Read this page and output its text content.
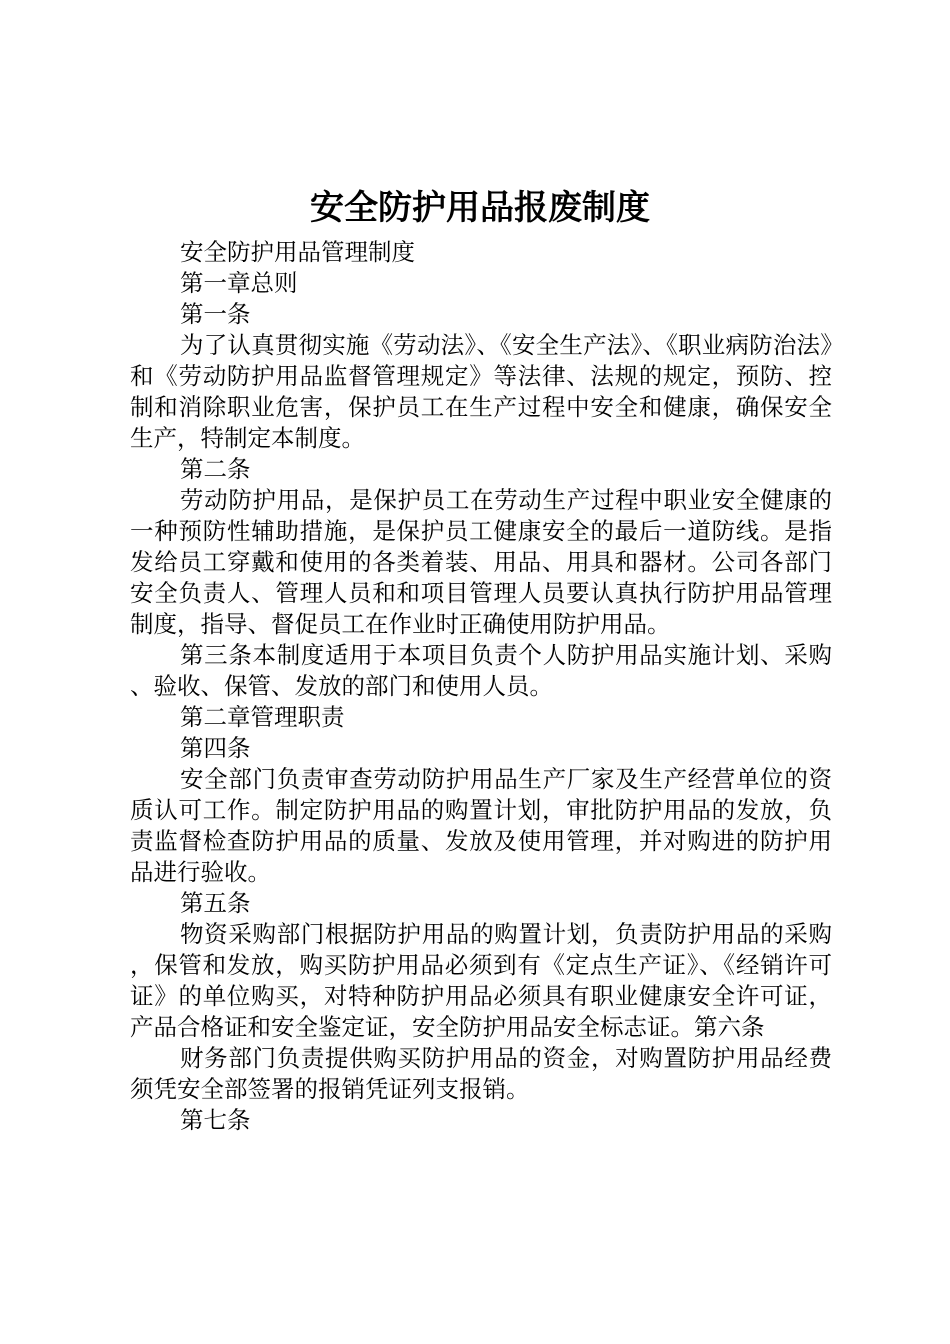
安全防护用品报废制度

安全防护用品管理制度

第一章总则

第一条

为了认真贯彻实施《劳动法》、《安全生产法》、《职业病防治法》和《劳动防护用品监督管理规定》等法律、法规的规定，预防、控制和消除职业危害，保护员工在生产过程中安全和健康，确保安全生产，特制定本制度。

第二条

劳动防护用品，是保护员工在劳动生产过程中职业安全健康的一种预防性辅助措施，是保护员工健康安全的最后一道防线。是指发给员工穿戴和使用的各类着装、用品、用具和器材。公司各部门安全负责人、管理人员和和项目管理人员要认真执行防护用品管理制度，指导、督促员工在作业时正确使用防护用品。

第三条本制度适用于本项目负责个人防护用品实施计划、采购、验收、保管、发放的部门和使用人员。

第二章管理职责

第四条

安全部门负责审查劳动防护用品生产厂家及生产经营单位的资质认可工作。制定防护用品的购置计划，审批防护用品的发放，负责监督检查防护用品的质量、发放及使用管理，并对购进的防护用品进行验收。

第五条

物资采购部门根据防护用品的购置计划，负责防护用品的采购，保管和发放，购买防护用品必须到有《定点生产证》、《经销许可证》的单位购买，对特种防护用品必须具有职业健康安全许可证，产品合格证和安全鉴定证，安全防护用品安全标志证。第六条

财务部门负责提供购买防护用品的资金，对购置防护用品经费须凭安全部签署的报销凭证列支报销。

第七条
